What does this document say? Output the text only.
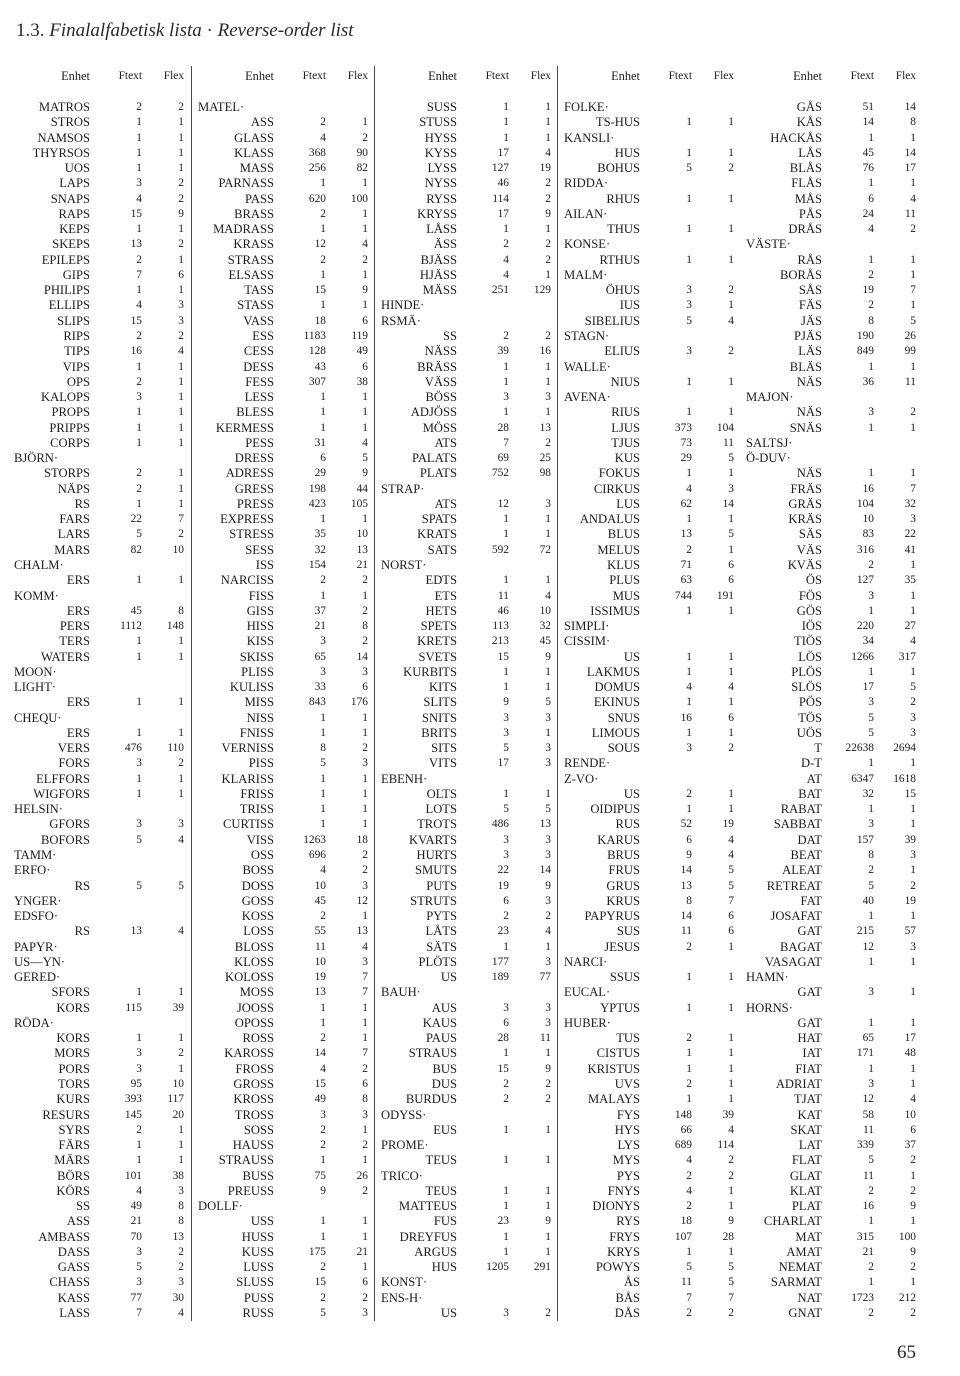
1.3. Finalalfabetisk lista · Reverse-order list
Enhet	Ftext	Flex
MATROS	2	2
STROS	1	1
NAMSOS	1	1
THYRSOS	1	1
UOS	1	1
LAPS	3	2
SNAPS	4	2
RAPS	15	9
KEPS	1	1
SKEPS	13	2
EPILEPS	2	1
GIPS	7	6
PHILIPS	1	1
ELLIPS	4	3
SLIPS	15	3
RIPS	2	2
TIPS	16	4
VIPS	1	1
OPS	2	1
KALOPS	3	1
PROPS	1	1
PRIPPS	1	1
CORPS	1	1
BJÖRN·
STORPS	2	1
NÄPS	2	1
RS	1	1
FARS	22	7
LARS	5	2
MARS	82	10
CHALM·
ERS	1	1
KOMM·
ERS	45	8
PERS	1112	148
TERS	1	1
WATERS	1	1
MOON·
LIGHT·
ERS	1	1
CHEQU·
ERS	1	1
VERS	476	110
FORS	3	2
ELFFORS	1	1
WIGFORS	1	1
HELSIN·
GFORS	3	3
BOFORS	5	4
TAMM·
ERFO·
RS	5	5
YNGER·
EDSFO·
RS	13	4
PAPYR·
US—YN·
GERED·
SFORS	1	1
KORS	115	39
RÖDA·
KORS	1	1
MORS	3	2
PORS	3	1
TORS	95	10
KURS	393	117
RESURS	145	20
SYRS	2	1
FÄRS	1	1
MÄRS	1	1
BÖRS	101	38
KÖRS	4	3
SS	49	8
ASS	21	8
AMBASS	70	13
DASS	3	2
GASS	5	2
CHASS	3	3
KASS	77	30
LASS	7	4
Enhet	Ftext	Flex
MATEL·
ASS	2	1
GLASS	4	2
KLASS	368	90
MASS	256	82
PARNASS	1	1
PASS	620	100
BRASS	2	1
MADRASS	1	1
KRASS	12	4
STRASS	2	2
ELSASS	1	1
TASS	15	9
STASS	1	1
VASS	18	6
ESS	1183	119
CESS	128	49
DESS	43	6
FESS	307	38
LESS	1	1
BLESS	1	1
KERMESS	1	1
PESS	31	4
DRESS	6	5
ADRESS	29	9
GRESS	198	44
PRESS	423	105
EXPRESS	1	1
STRESS	35	10
SESS	32	13
ISS	154	21
NARCISS	2	2
FISS	1	1
GISS	37	2
HISS	21	8
KISS	3	2
SKISS	65	14
PLISS	3	3
KULISS	33	6
MISS	843	176
NISS	1	1
FNISS	1	1
VERNISS	8	2
PISS	5	3
KLARISS	1	1
FRISS	1	1
TRISS	1	1
CURTISS	1	1
VISS	1263	18
OSS	696	2
BOSS	4	2
DOSS	10	3
GOSS	45	12
KOSS	2	1
LOSS	55	13
BLOSS	11	4
KLOSS	10	3
KOLOSS	19	7
MOSS	13	7
JOOSS	1	1
OPOSS	1	1
ROSS	2	1
KAROSS	14	7
FROSS	4	2
GROSS	15	6
KROSS	49	8
TROSS	3	3
SOSS	2	1
HAUSS	2	2
STRAUSS	1	1
BUSS	75	26
PREUSS	9	2
DOLLF·
USS	1	1
HUSS	1	1
KUSS	175	21
LUSS	2	1
SLUSS	15	6
PUSS	2	2
RUSS	5	3
Enhet	Ftext	Flex
SUSS	1	1
STUSS	1	1
HYSS	1	1
KYSS	17	4
LYSS	127	19
NYSS	46	2
RYSS	114	2
KRYSS	17	9
LÅSS	1	1
ÄSS	2	2
BJÄSS	4	2
HJÄSS	4	1
MÄSS	251	129
HINDE·
RSMÄ·
SS	2	2
NÄSS	39	16
BRÄSS	1	1
VÄSS	1	1
BÖSS	3	3
ADJÖSS	1	1
MÖSS	28	13
ATS	7	2
PALATS	69	25
PLATS	752	98
STRAP·
ATS	12	3
SPATS	1	1
KRATS	1	1
SATS	592	72
NORST·
EDTS	1	1
ETS	11	4
HETS	46	10
SPETS	113	32
KRETS	213	45
SVETS	15	9
KURBITS	1	1
KITS	1	1
SLITS	9	5
SNITS	3	3
BRITS	3	1
SITS	5	3
VITS	17	3
EBENH·
OLTS	1	1
LOTS	5	5
TROTS	486	13
KVARTS	3	3
HURTS	3	3
SMUTS	22	14
PUTS	19	9
STRUTS	6	3
PYTS	2	2
LÅTS	23	4
SÄTS	1	1
PLÖTS	177	3
US	189	77
BAUH·
AUS	3	3
KAUS	6	3
PAUS	28	11
STRAUS	1	1
BUS	15	9
DUS	2	2
BURDUS	2	2
ODYSS·
EUS	1	1
PROME·
TEUS	1	1
TRICO·
TEUS	1	1
MATTEUS	1	1
FUS	23	9
DREYFUS	1	1
ARGUS	1	1
HUS	1205	291
KONST·
ENS-H·
US	3	2
Enhet	Ftext	Flex
FOLKE·
TS-HUS	1	1
KANSLI·
HUS	1	1
BOHUS	5	2
RIDDA·
RHUS	1	1
AILAN·
THUS	1	1
KONSE·
RTHUS	1	1
MALM·
ÖHUS	3	2
IUS	3	1
SIBELIUS	5	4
STAGN·
ELIUS	3	2
WALLE·
NIUS	1	1
AVENA·
RIUS	1	1
LJUS	373	104
TJUS	73	11
KUS	29	5
FOKUS	1	1
CIRKUS	4	3
LUS	62	14
ANDALUS	1	1
BLUS	13	5
MELUS	2	1
KLUS	71	6
PLUS	63	6
MUS	744	191
ISSIMUS	1	1
SIMPLI·
CISSIM·
US	1	1
LAKMUS	1	1
DOMUS	4	4
EKINUS	1	1
SNUS	16	6
LIMOUS	1	1
SOUS	3	2
RENDE·
Z-VO·
US	2	1
OIDIPUS	1	1
RUS	52	19
KARUS	6	4
BRUS	9	4
FRUS	14	5
GRUS	13	5
KRUS	8	7
PAPYRUS	14	6
SUS	11	6
JESUS	2	1
NARCI·
SSUS	1	1
EUCAL·
YPTUS	1	1
HUBER·
TUS	2	1
CISTUS	1	1
KRISTUS	1	1
UVS	2	1
MALAYS	1	1
FYS	148	39
HYS	66	4
LYS	689	114
MYS	4	2
PYS	2	2
FNYS	4	1
DIONYS	2	1
RYS	18	9
FRYS	107	28
KRYS	1	1
POWYS	5	5
ÅS	11	5
BÅS	7	7
DÅS	2	2
Enhet	Ftext	Flex
GÅS	51	14
KÅS	14	8
HACKÅS	1	1
LÅS	45	14
BLÅS	76	17
FLÅS	1	1
MÅS	6	4
PÅS	24	11
DRÅS	4	2
VÄSTE·
RÅS	1	1
BORÅS	2	1
SÅS	19	7
FÄS	2	1
JÄS	8	5
PJÄS	190	26
LÄS	849	99
BLÄS	1	1
NÄS	36	11
MAJON·
NÄS	3	2
SNÄS	1	1
SALTSJ·
Ö-DUV·
NÄS	1	1
FRÄS	16	7
GRÄS	104	32
KRÄS	10	3
SÄS	83	22
VÄS	316	41
KVÄS	2	1
ÖS	127	35
FÖS	3	1
GÖS	1	1
IÖS	220	27
TIÖS	34	4
LÖS	1266	317
PLÖS	1	1
SLÖS	17	5
PÖS	3	2
TÖS	5	3
UÖS	5	3
T	22638	2694
D-T	1	1
AT	6347	1618
BAT	32	15
RABAT	1	1
SABBAT	3	1
DAT	157	39
BEAT	8	3
ALEAT	2	1
RETREAT	5	2
FAT	40	19
JOSAFAT	1	1
GAT	215	57
BAGAT	12	3
VASAGAT	1	1
HAMN·
GAT	3	1
HORNS·
GAT	1	1
HAT	65	17
IAT	171	48
FIAT	1	1
ADRIAT	3	1
TJAT	12	4
KAT	58	10
SKAT	11	6
LAT	339	37
FLAT	5	2
GLAT	11	1
KLAT	2	2
PLAT	16	9
CHARLAT	1	1
MAT	315	100
AMAT	21	9
NEMAT	2	2
SARMAT	1	1
NAT	1723	212
GNAT	2	2
65
